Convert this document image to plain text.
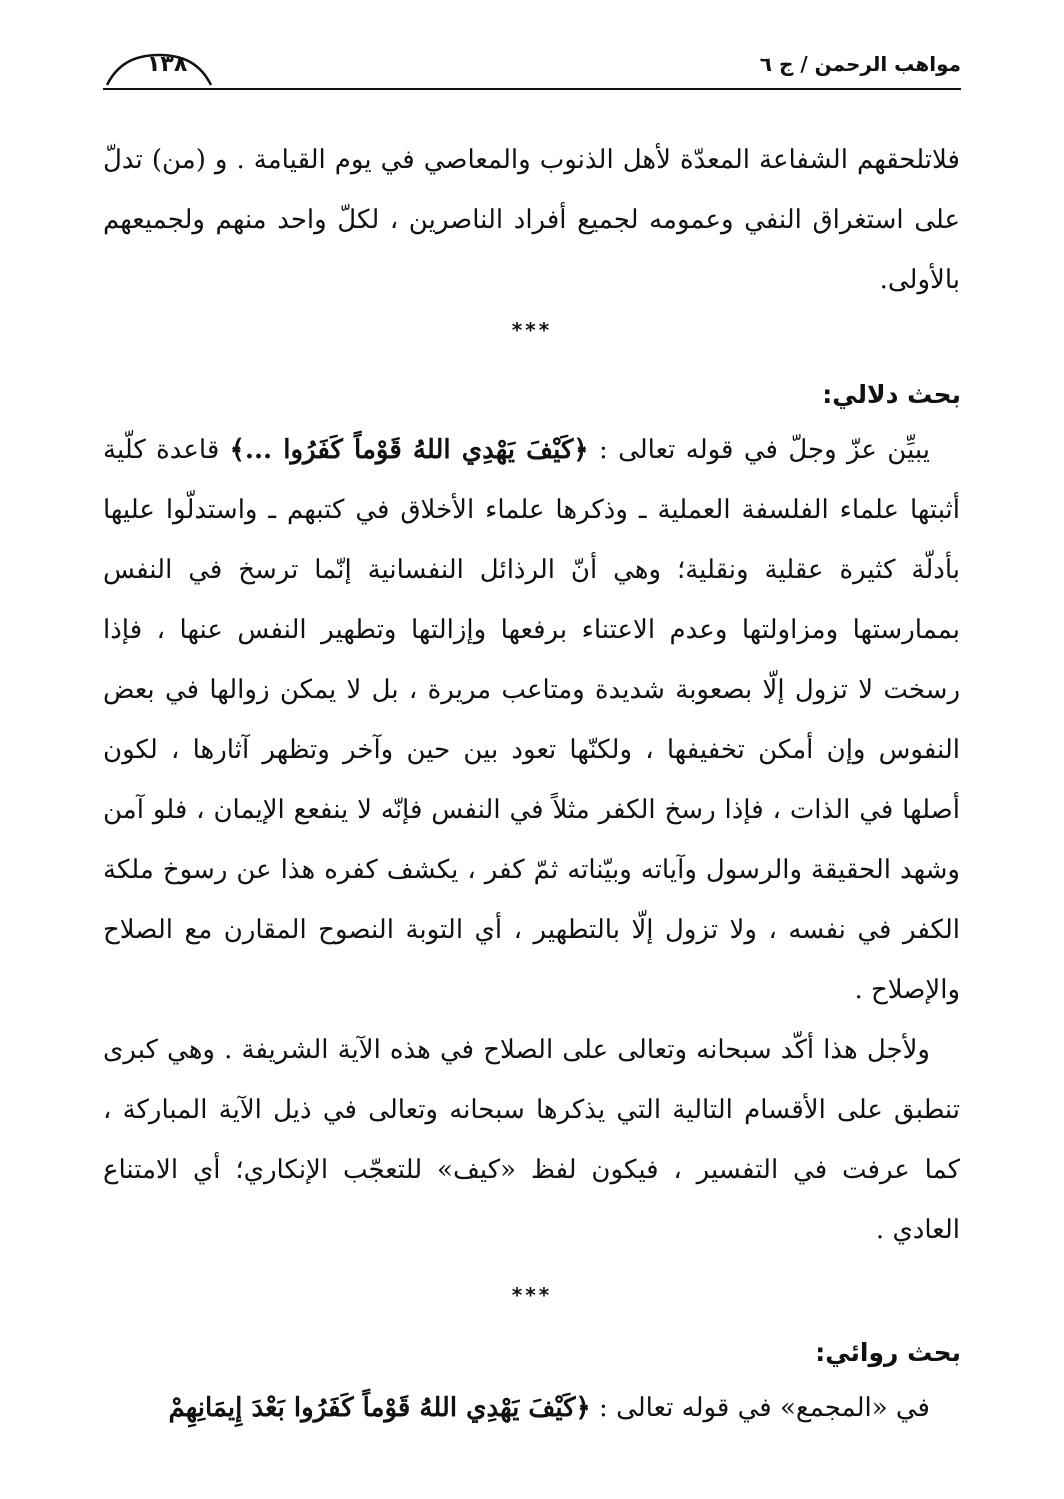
مواهب الرحمن / ج ٦
١٣٨
فلاتلحقهم الشفاعة المعدّة لأهل الذنوب والمعاصي في يوم القيامة . و (من) تدلّ على استغراق النفي وعمومه لجميع أفراد الناصرين ، لكلّ واحد منهم ولجميعهم بالأولى.
***
بحث دلالي:
يبيِّن عزّ وجلّ في قوله تعالى : ﴿كَيْفَ يَهْدِي اللهُ قَوْماً كَفَرُوا ...﴾ قاعدة كلّية أثبتها علماء الفلسفة العملية ـ وذكرها علماء الأخلاق في كتبهم ـ واستدلّوا عليها بأدلّة كثيرة عقلية ونقلية؛ وهي أنّ الرذائل النفسانية إنّما ترسخ في النفس بممارستها ومزاولتها وعدم الاعتناء برفعها وإزالتها وتطهير النفس عنها ، فإذا رسخت لا تزول إلّا بصعوبة شديدة ومتاعب مريرة ، بل لا يمكن زوالها في بعض النفوس وإن أمكن تخفيفها ، ولكنّها تعود بين حين وآخر وتظهر آثارها ، لكون أصلها في الذات ، فإذا رسخ الكفر مثلاً في النفس فإنّه لا ينفعع الإيمان ، فلو آمن وشهد الحقيقة والرسول وآياته وبيّناته ثمّ كفر ، يكشف كفره هذا عن رسوخ ملكة الكفر في نفسه ، ولا تزول إلّا بالتطهير ، أي التوبة النصوح المقارن مع الصلاح والإصلاح .
ولأجل هذا أكّد سبحانه وتعالى على الصلاح في هذه الآية الشريفة . وهي كبرى تنطبق على الأقسام التالية التي يذكرها سبحانه وتعالى في ذيل الآية المباركة ، كما عرفت في التفسير ، فيكون لفظ «كيف» للتعجّب الإنكاري؛ أي الامتناع العادي .
***
بحث روائي:
في «المجمع» في قوله تعالى : ﴿كَيْفَ يَهْدِي اللهُ قَوْماً كَفَرُوا بَعْدَ إِيمَانِهِمْ
